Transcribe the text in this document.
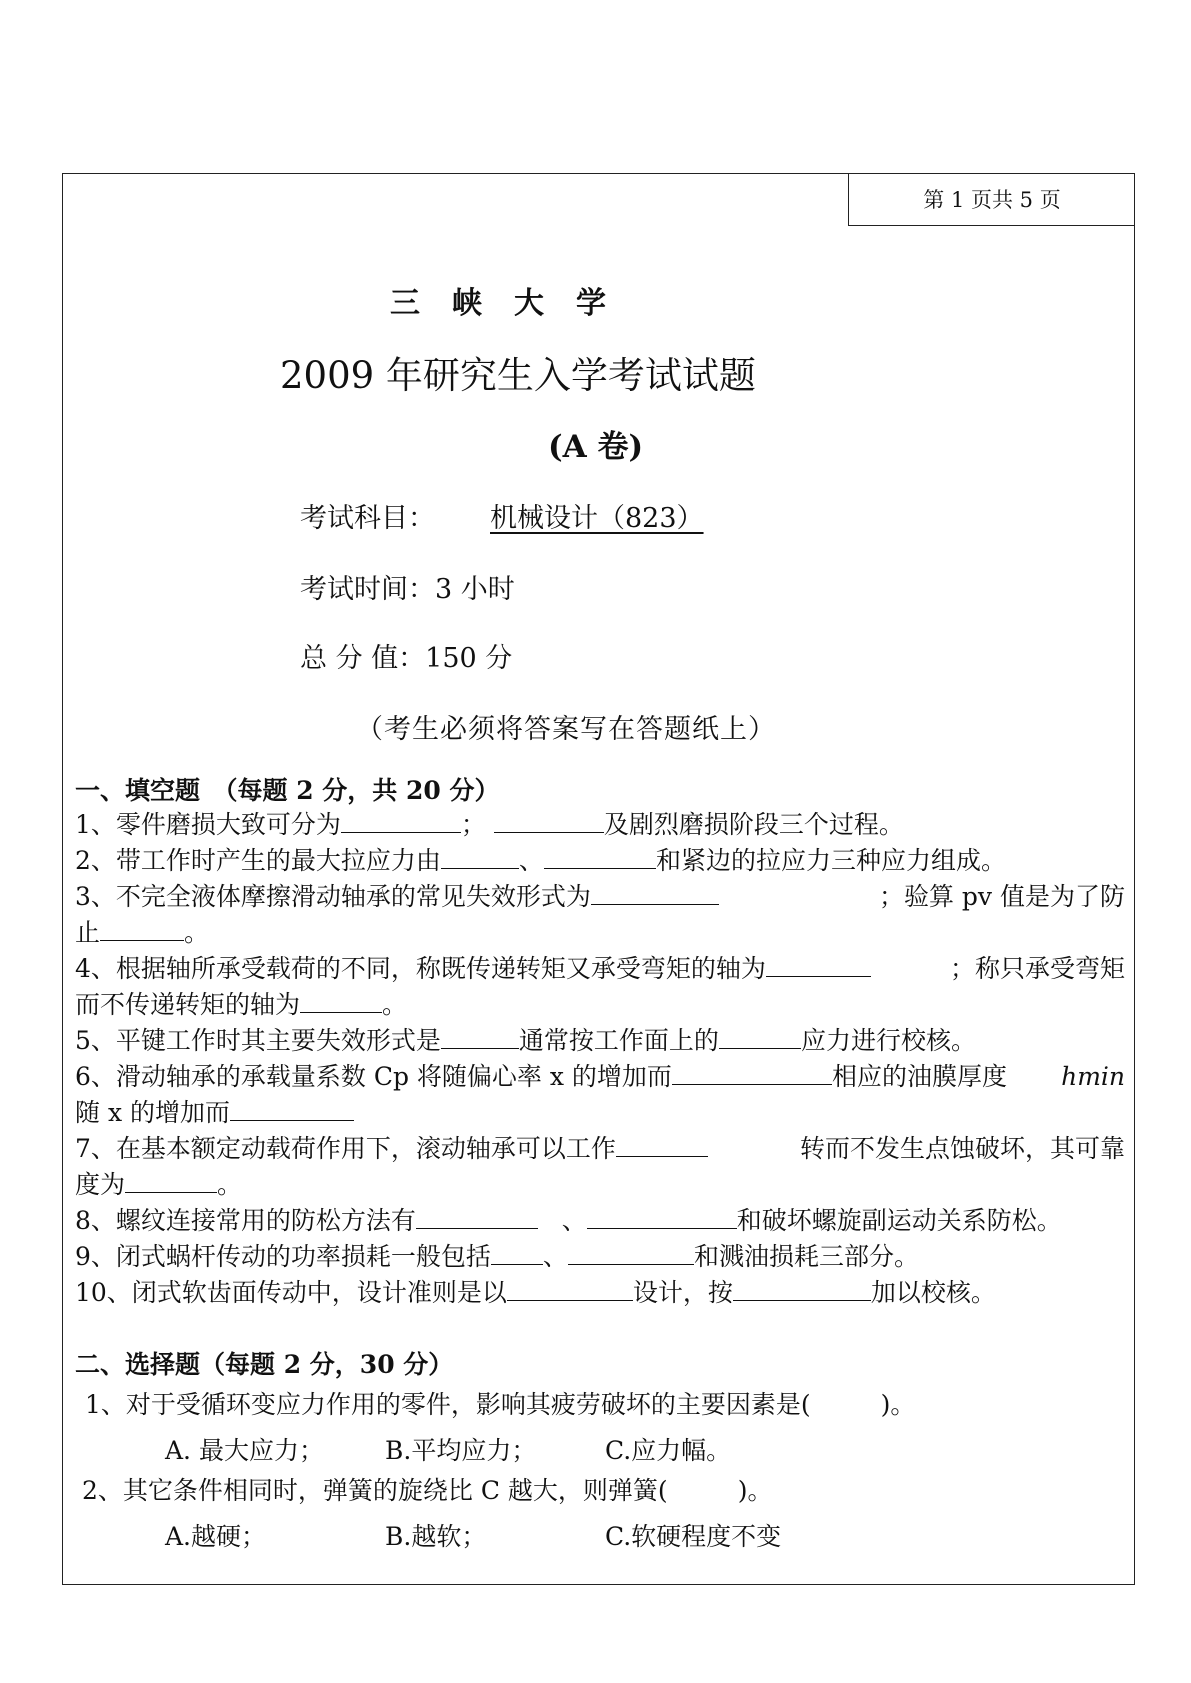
第 1 页共 5 页
三峡大学
2009 年研究生入学考试试题
(A 卷)
考试科目： 机械设计（823）
考试时间：3 小时
总 分 值：150 分
（考生必须将答案写在答题纸上）
一、填空题　（每题 2 分，共 20 分）
1、零件磨损大致可分为	；	及剧烈磨损阶段三个过程。
2、带工作时产生的最大拉应力由	、	和紧边的拉应力三种应力组成。
3、不完全液体摩擦滑动轴承的常见失效形式为	；验算 pv 值是为了防
止	。
4、根据轴所承受载荷的不同，称既传递转矩又承受弯矩的轴为	；称只承受弯矩
而不传递转矩的轴为	。
5、平键工作时其主要失效形式是	通常按工作面上的	应力进行校核。
6、滑动轴承的承载量系数 Cp 将随偏心率 x 的增加而	相应的油膜厚度 hmin
随 x 的增加而
7、在基本额定动载荷作用下，滚动轴承可以工作	转而不发生点蚀破坏，其可靠
度为	。
8、螺纹连接常用的防松方法有	、	和破坏螺旋副运动关系防松。
9、闭式蜗杆传动的功率损耗一般包括 、	和溅油损耗三部分。
10、闭式软齿面传动中，设计准则是以	设计，按	加以校核。
二、选择题（每题 2 分，30 分）
1、对于受循环变应力作用的零件，影响其疲劳破坏的主要因素是(	)。
A. 最大应力； B.平均应力；	C.应力幅。
2、其它条件相同时，弹簧的旋绕比 C 越大，则弹簧(	)。
A.越硬；	B.越软；	C.软硬程度不变
